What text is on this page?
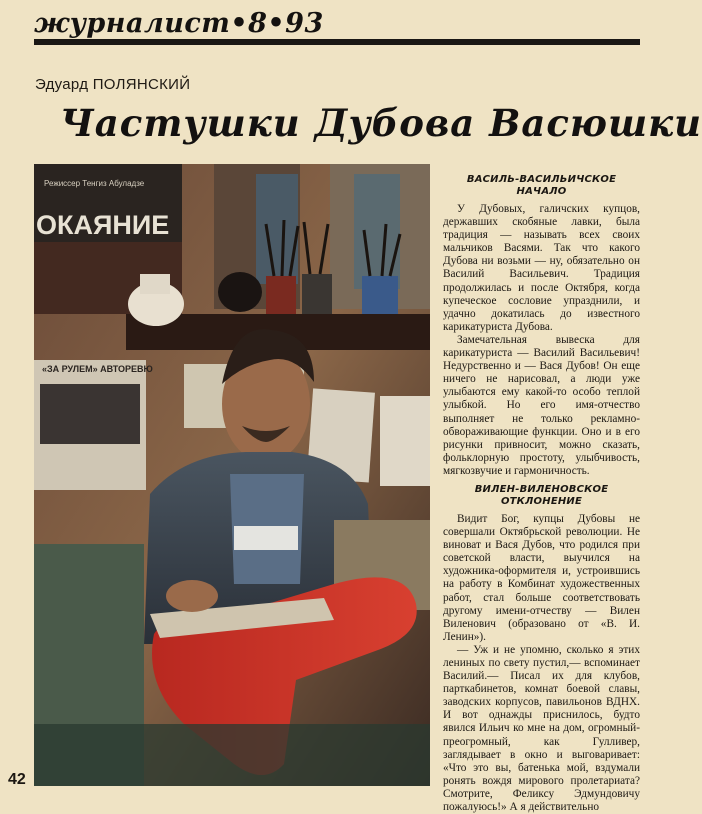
журналист•8•93
Эдуард ПОЛЯНСКИЙ
Частушки Дубова Васюшки
Режиссер Тенгиз Абуладзе
ОКАЯНИЕ
«ЗА РУЛЕМ» АВТОРЕВЮ
ВАСИЛЬ-ВАСИЛЬИЧСКОЕ НАЧАЛО

У Дубовых, галичских купцов, державших скобяные лавки, была традиция — называть всех своих мальчиков Васями. Так что какого Дубова ни возьми — ну, обязательно он Василий Васильевич. Традиция продолжилась и после Октября, когда купеческое сословие упразднили, и удачно докатилась до известного карикатуриста Дубова.

Замечательная вывеска для карикатуриста — Василий Васильевич! Недурственно и — Вася Дубов! Он еще ничего не нарисовал, а люди уже улыбаются ему какой-то особо теплой улыбкой. Но его имя-отчество выполняет не только рекламно-обвораживающие функции. Оно и в его рисунки привносит, можно сказать, фольклорную простоту, улыбчивость, мягкозвучие и гармоничность.

ВИЛЕН-ВИЛЕНОВСКОЕ ОТКЛОНЕНИЕ

Видит Бог, купцы Дубовы не совершали Октябрьской революции. Не виноват и Вася Дубов, что родился при советской власти, выучился на художника-оформителя и, устроившись на работу в Комбинат художественных работ, стал больше соответствовать другому имени-отчеству — Вилен Виленович (образовано от «В. И. Ленин»).

— Уж и не упомню, сколько я этих лениных по свету пустил,— вспоминает Василий.— Писал их для клубов, парткабинетов, комнат боевой славы, заводских корпусов, павильонов ВДНХ. И вот однажды приснилось, будто явился Ильич ко мне на дом, огромный-преогромный, как Гулливер, заглядывает в окно и выговаривает: «Что это вы, батенька мой, вздумали ронять вождя мирового пролетариата? Смотрите, Феликсу Эдмундовичу пожалуюсь!» А я действительно

42
